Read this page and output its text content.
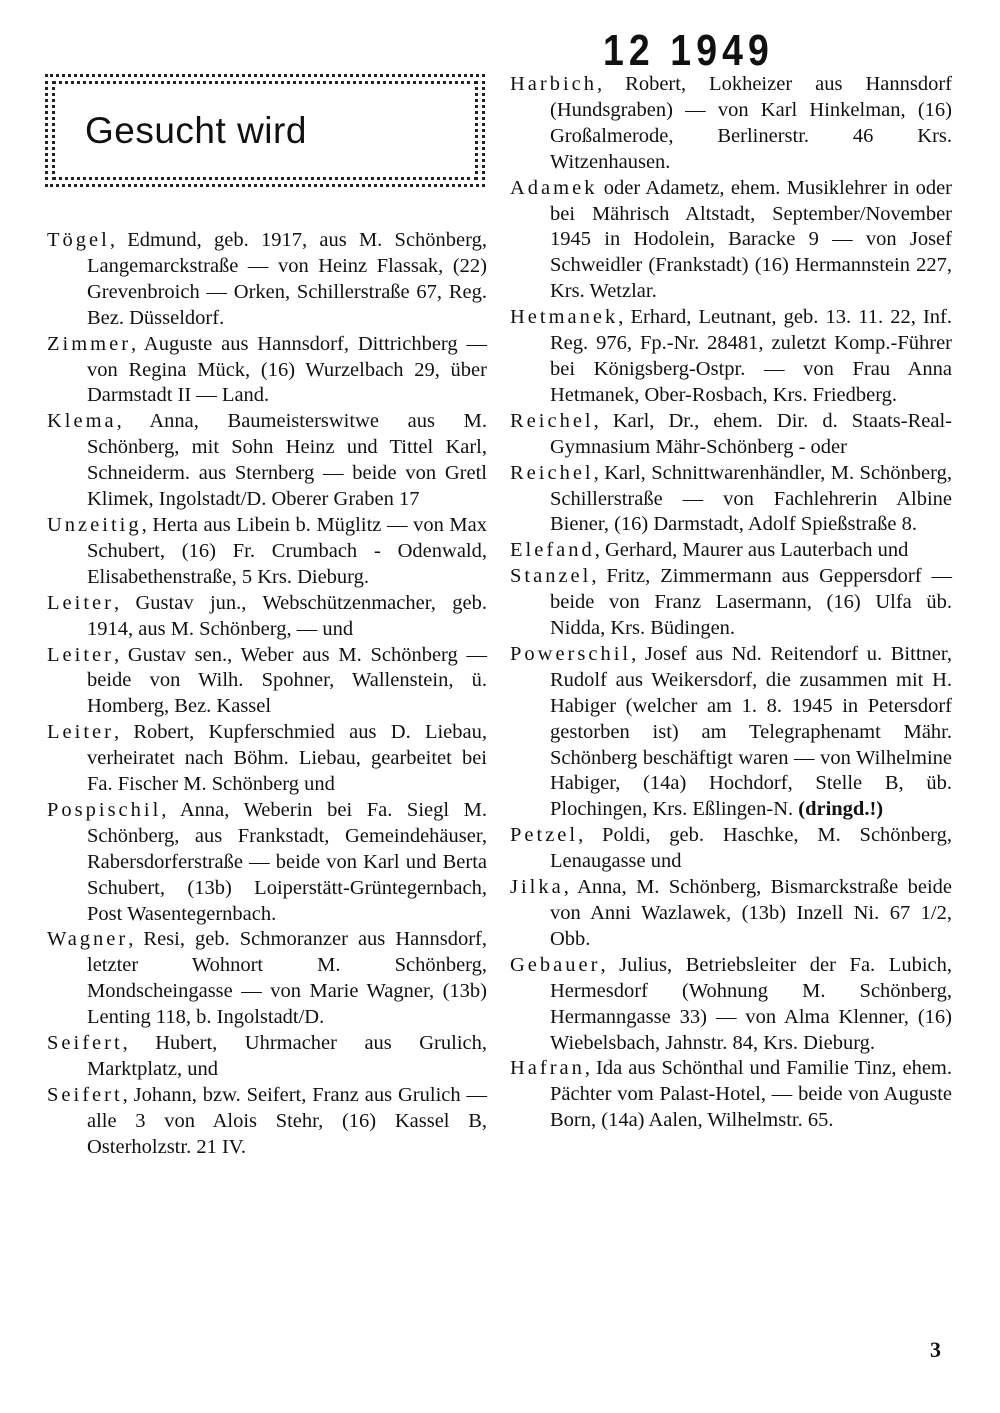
12 1949
Gesucht wird

Tögel, Edmund, geb. 1917, aus M. Schönberg, Langemarckstraße — von Heinz Flassak, (22) Grevenbroich — Orken, Schillerstraße 67, Reg. Bez. Düsseldorf.

Zimmer, Auguste aus Hannsdorf, Dittrichberg — von Regina Mück, (16) Wurzelbach 29, über Darmstadt II — Land.

Klema, Anna, Baumeisterswitwe aus M. Schönberg, mit Sohn Heinz und Tittel Karl, Schneiderm. aus Sternberg — beide von Gretl Klimek, Ingolstadt/D. Oberer Graben 17

Unzeitig, Herta aus Libein b. Müglitz — von Max Schubert, (16) Fr. Crumbach - Odenwald, Elisabethenstraße, 5 Krs. Dieburg.

Leiter, Gustav jun., Webschützenmacher, geb. 1914, aus M. Schönberg, — und

Leiter, Gustav sen., Weber aus M. Schönberg — beide von Wilh. Spohner, Wallenstein, ü. Homberg, Bez. Kassel

Leiter, Robert, Kupferschmied aus D. Liebau, verheiratet nach Böhm. Liebau, gearbeitet bei Fa. Fischer M. Schönberg und

Pospischil, Anna, Weberin bei Fa. Siegl M. Schönberg, aus Frankstadt, Gemeindehäuser, Rabersdorferstraße — beide von Karl und Berta Schubert, (13b) Loiperstätt-Grüntegernbach, Post Wasentegernbach.

Wagner, Resi, geb. Schmoranzer aus Hannsdorf, letzter Wohnort M. Schönberg, Mondscheingasse — von Marie Wagner, (13b) Lenting 118, b. Ingolstadt/D.

Seifert, Hubert, Uhrmacher aus Grulich, Marktplatz, und

Seifert, Johann, bzw. Seifert, Franz aus Grulich — alle 3 von Alois Stehr, (16) Kassel B, Osterholzstr. 21 IV.

Harbich, Robert, Lokheizer aus Hannsdorf (Hundsgraben) — von Karl Hinkelman, (16) Großalmerode, Berlinerstr. 46 Krs. Witzenhausen.

Adamek oder Adametz, ehem. Musiklehrer in oder bei Mährisch Altstadt, September/November 1945 in Hodolein, Baracke 9 — von Josef Schweidler (Frankstadt) (16) Hermannstein 227, Krs. Wetzlar.

Hetmanek, Erhard, Leutnant, geb. 13. 11. 22, Inf. Reg. 976, Fp.-Nr. 28481, zuletzt Komp.-Führer bei Königsberg-Ostpr. — von Frau Anna Hetmanek, Ober-Rosbach, Krs. Friedberg.

Reichel, Karl, Dr., ehem. Dir. d. Staats-Real-Gymnasium Mähr-Schönberg - oder

Reichel, Karl, Schnittwarenhändler, M. Schönberg, Schillerstraße — von Fachlehrerin Albine Biener, (16) Darmstadt, Adolf Spießstraße 8.

Elefand, Gerhard, Maurer aus Lauterbach und

Stanzel, Fritz, Zimmermann aus Geppersdorf — beide von Franz Lasermann, (16) Ulfa üb. Nidda, Krs. Büdingen.

Powerschil, Josef aus Nd. Reitendorf u. Bittner, Rudolf aus Weikersdorf, die zusammen mit H. Habiger (welcher am 1. 8. 1945 in Petersdorf gestorben ist) am Telegraphenamt Mähr. Schönberg beschäftigt waren — von Wilhelmine Habiger, (14a) Hochdorf, Stelle B, üb. Plochingen, Krs. Eßlingen-N. (dringd.!)

Petzel, Poldi, geb. Haschke, M. Schönberg, Lenaugasse und

Jilka, Anna, M. Schönberg, Bismarckstraße beide von Anni Wazlawek, (13b) Inzell Ni. 67 1/2, Obb.

Gebauer, Julius, Betriebsleiter der Fa. Lubich, Hermesdorf (Wohnung M. Schönberg, Hermanngasse 33) — von Alma Klenner, (16) Wiebelsbach, Jahnstr. 84, Krs. Dieburg.

Hafran, Ida aus Schönthal und Familie Tinz, ehem. Pächter vom Palast-Hotel, — beide von Auguste Born, (14a) Aalen, Wilhelmstr. 65.

3
